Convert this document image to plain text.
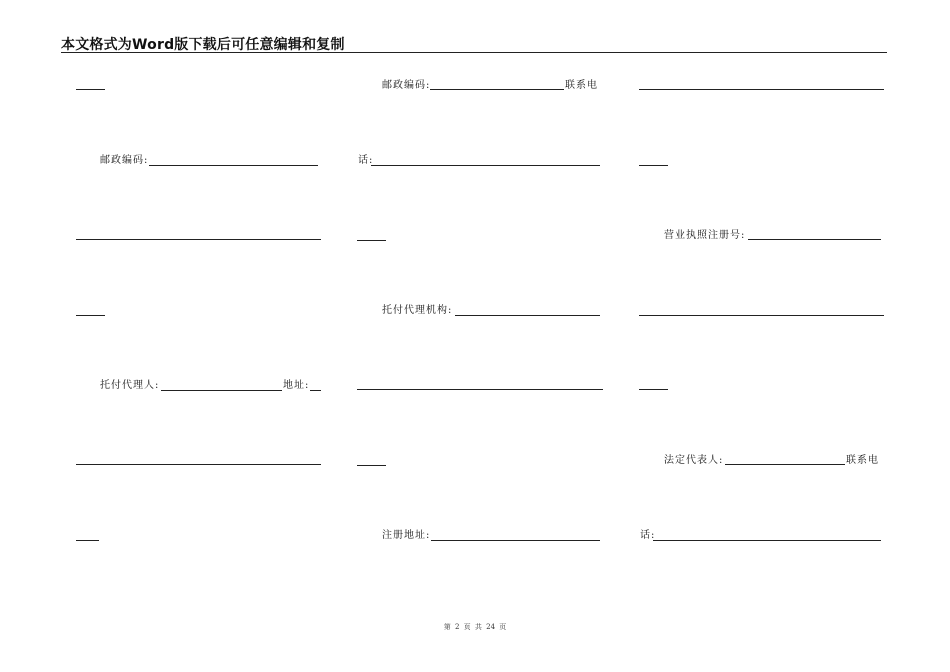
本文格式为Word版下载后可任意编辑和复制
邮政编码:	联系电
邮政编码:	话:
营业执照注册号:
托付代理机构:
托付代理人:	地址:
法定代表人:	联系电
注册地址:	话:
第 2 页 共 24 页
